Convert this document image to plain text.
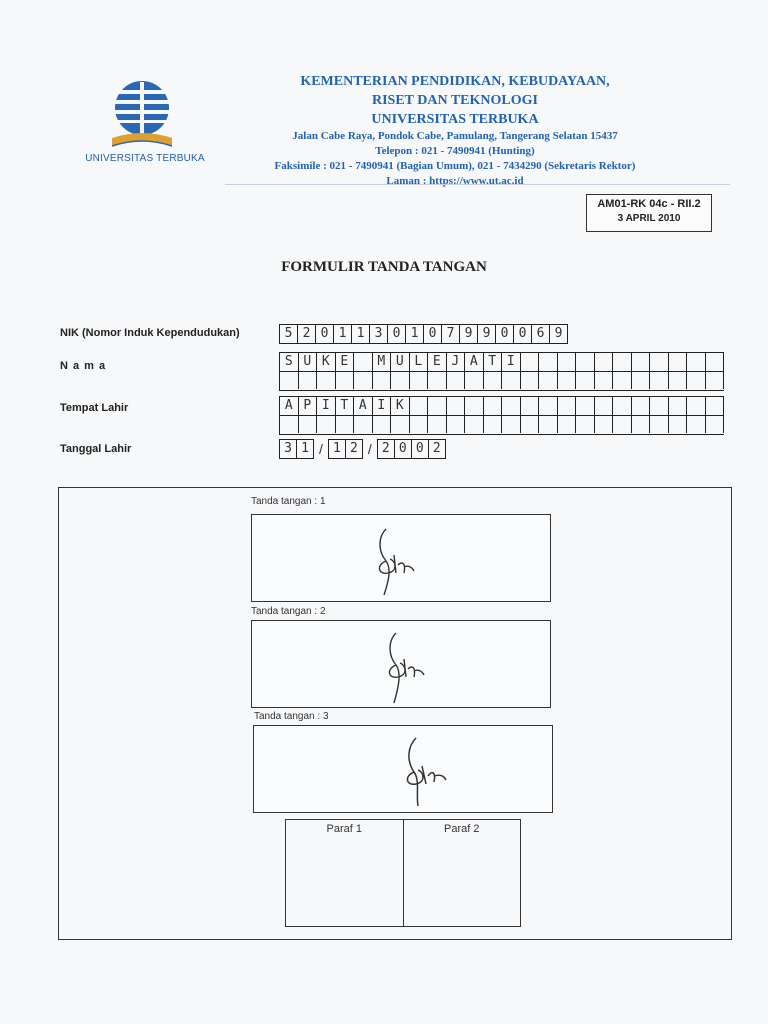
UNIVERSITAS TERBUKA
KEMENTERIAN PENDIDIKAN, KEBUDAYAAN,
RISET DAN TEKNOLOGI
UNIVERSITAS TERBUKA
Jalan Cabe Raya, Pondok Cabe, Pamulang, Tangerang Selatan 15437
Telepon : 021 - 7490941 (Hunting)
Faksimile : 021 - 7490941 (Bagian Umum), 021 - 7434290 (Sekretaris Rektor)
Laman : https://www.ut.ac.id
AM01-RK 04c - RII.2
3 APRIL 2010
FORMULIR TANDA TANGAN
NIK (Nomor Induk Kependudukan)	5 2 0 1 1 3 0 1 0 7 9 9 0 0 6 9
N a m a	S U K E	M U L E J A T I
Tempat Lahir	A P I T A I K
Tanggal Lahir	3 1 / 1 2 / 2 0 0 2
Tanda tangan : 1
Tanda tangan : 2
Tanda tangan : 3
Paraf 1	Paraf 2
